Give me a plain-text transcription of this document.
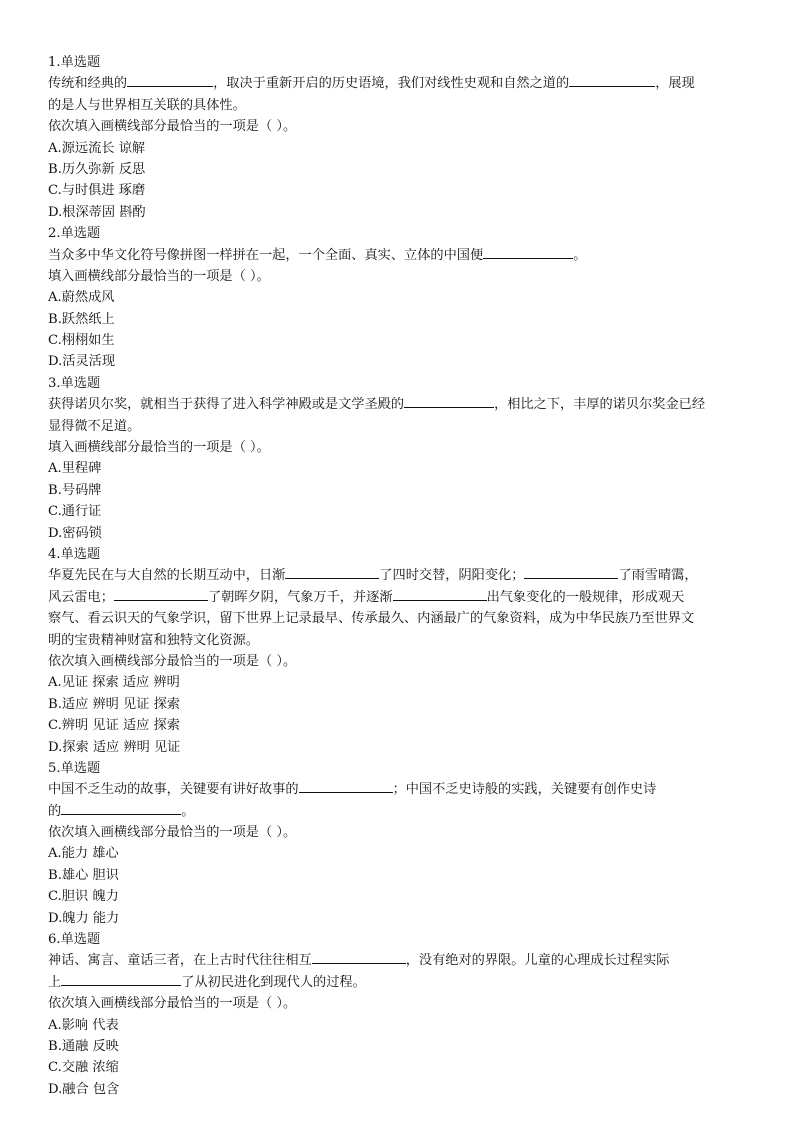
1.单选题
传统和经典的	，取决于重新开启的历史语境，我们对线性史观和自然之道的	，展现
的是人与世界相互关联的具体性。
依次填入画横线部分最恰当的一项是（ ）。
A.源远流长 谅解
B.历久弥新 反思
C.与时俱进 琢磨
D.根深蒂固 斟酌
2.单选题
当众多中华文化符号像拼图一样拼在一起，一个全面、真实、立体的中国便	。
填入画横线部分最恰当的一项是（ ）。
A.蔚然成风
B.跃然纸上
C.栩栩如生
D.活灵活现
3.单选题
获得诺贝尔奖，就相当于获得了进入科学神殿或是文学圣殿的	，相比之下，丰厚的诺贝尔奖金已经
显得微不足道。
填入画横线部分最恰当的一项是（ ）。
A.里程碑
B.号码牌
C.通行证
D.密码锁
4.单选题
华夏先民在与大自然的长期互动中，日渐	了四时交替，阴阳变化；	了雨雪晴霭，
风云雷电；	了朝晖夕阴，气象万千，并逐渐	出气象变化的一般规律，形成观天
察气、看云识天的气象学识，留下世界上记录最早、传承最久、内涵最广的气象资料，成为中华民族乃至世界文
明的宝贵精神财富和独特文化资源。
依次填入画横线部分最恰当的一项是（ ）。
A.见证 探索 适应 辨明
B.适应 辨明 见证 探索
C.辨明 见证 适应 探索
D.探索 适应 辨明 见证
5.单选题
中国不乏生动的故事，关键要有讲好故事的	；中国不乏史诗般的实践，关键要有创作史诗
的	。
依次填入画横线部分最恰当的一项是（ ）。
A.能力 雄心
B.雄心 胆识
C.胆识 魄力
D.魄力 能力
6.单选题
神话、寓言、童话三者，在上古时代往往相互	，没有绝对的界限。儿童的心理成长过程实际
上	了从初民进化到现代人的过程。
依次填入画横线部分最恰当的一项是（ ）。
A.影响 代表
B.通融 反映
C.交融 浓缩
D.融合 包含
